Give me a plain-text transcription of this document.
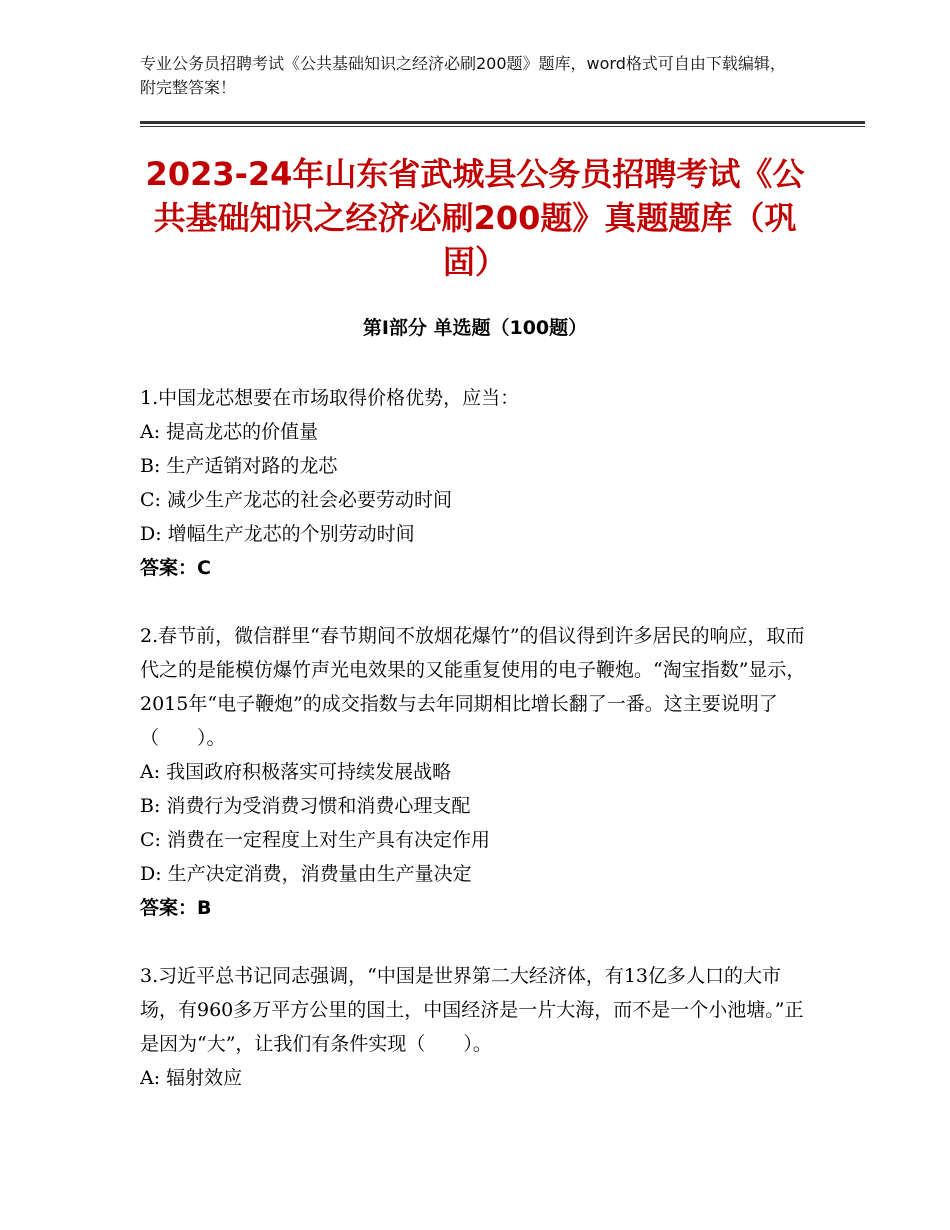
专业公务员招聘考试《公共基础知识之经济必刷200题》题库，word格式可自由下载编辑，附完整答案！
2023-24年山东省武城县公务员招聘考试《公共基础知识之经济必刷200题》真题题库（巩固）
第Ⅰ部分 单选题（100题）

1.中国龙芯想要在市场取得价格优势，应当：

A: 提高龙芯的价值量

B: 生产适销对路的龙芯

C: 减少生产龙芯的社会必要劳动时间

D: 增幅生产龙芯的个别劳动时间

答案：C

2.春节前，微信群里“春节期间不放烟花爆竹”的倡议得到许多居民的响应，取而代之的是能模仿爆竹声光电效果的又能重复使用的电子鞭炮。“淘宝指数”显示，2015年“电子鞭炮”的成交指数与去年同期相比增长翻了一番。这主要说明了（　　）。

A: 我国政府积极落实可持续发展战略

B: 消费行为受消费习惯和消费心理支配

C: 消费在一定程度上对生产具有决定作用

D: 生产决定消费，消费量由生产量决定

答案：B

3.习近平总书记同志强调，“中国是世界第二大经济体，有13亿多人口的大市场，有960多万平方公里的国土，中国经济是一片大海，而不是一个小池塘。”正是因为“大”，让我们有条件实现（　　）。

A: 辐射效应
